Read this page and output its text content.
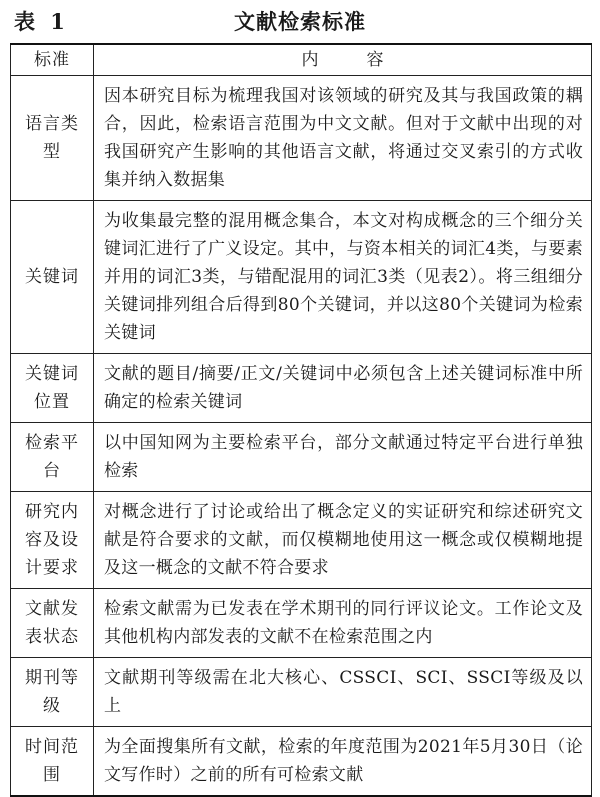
表 1	文献检索标准
标准	内容
语言类型	因本研究目标为梳理我国对该领域的研究及其与我国政策的耦合，因此，检索语言范围为中文文献。但对于文献中出现的对我国研究产生影响的其他语言文献，将通过交叉索引的方式收集并纳入数据集
关键词	为收集最完整的混用概念集合，本文对构成概念的三个细分关键词汇进行了广义设定。其中，与资本相关的词汇4类，与要素并用的词汇3类，与错配混用的词汇3类（见表2）。将三组细分关键词排列组合后得到80个关键词，并以这80个关键词为检索关键词
关键词位置	文献的题目/摘要/正文/关键词中必须包含上述关键词标准中所确定的检索关键词
检索平台	以中国知网为主要检索平台，部分文献通过特定平台进行单独检索
研究内容及设计要求	对概念进行了讨论或给出了概念定义的实证研究和综述研究文献是符合要求的文献，而仅模糊地使用这一概念或仅模糊地提及这一概念的文献不符合要求
文献发表状态	检索文献需为已发表在学术期刊的同行评议论文。工作论文及其他机构内部发表的文献不在检索范围之内
期刊等级	文献期刊等级需在北大核心、CSSCI、SCI、SSCI等级及以上
时间范围	为全面搜集所有文献，检索的年度范围为2021年5月30日（论文写作时）之前的所有可检索文献
